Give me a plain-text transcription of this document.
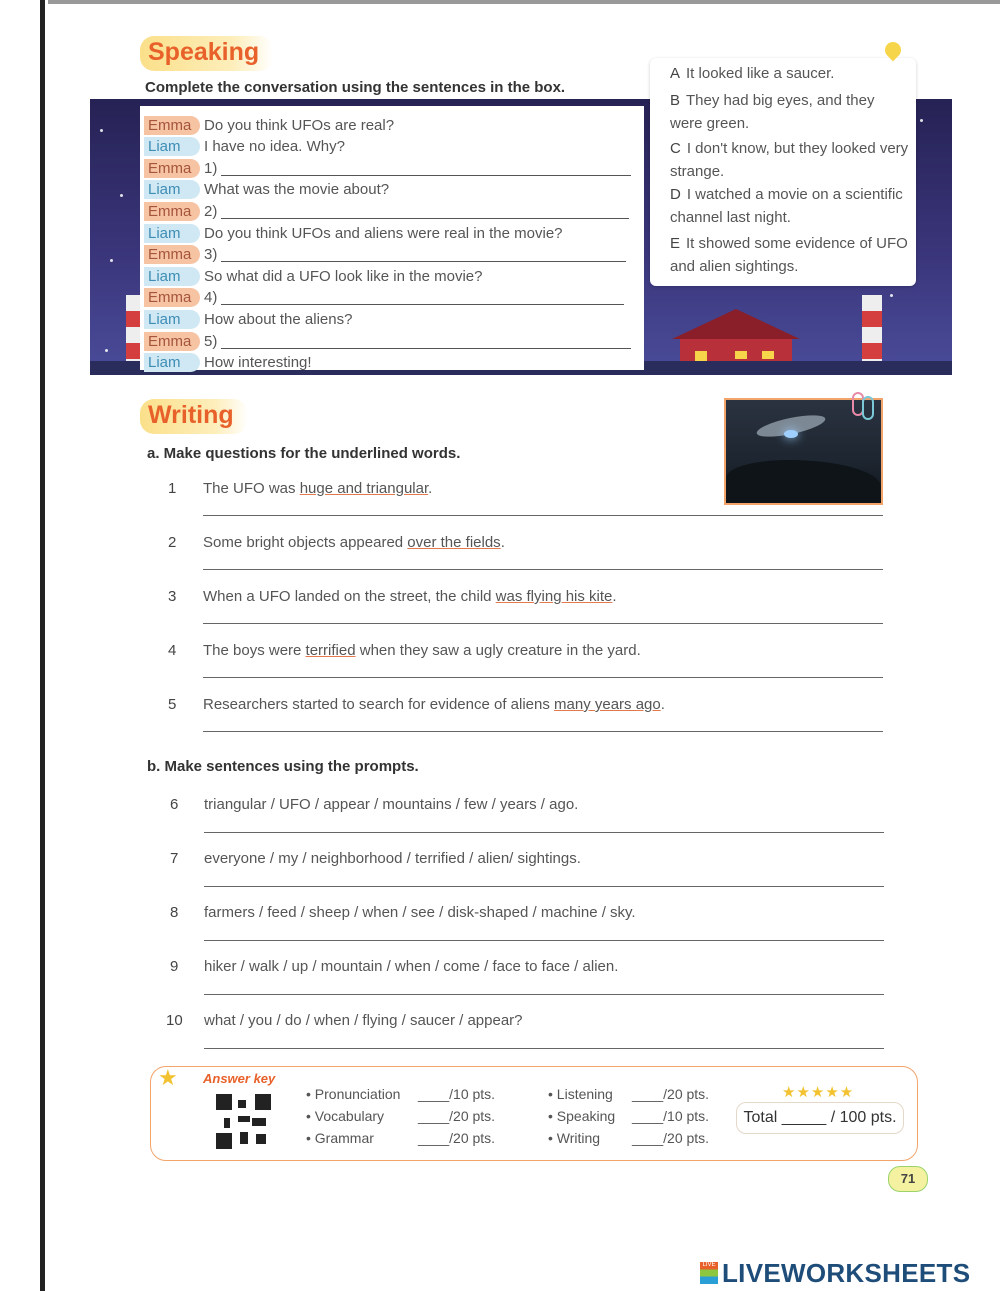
Speaking
Complete the conversation using the sentences in the box.
Emma Do you think UFOs are real?
Liam	I have no idea. Why?
Emma 1)
Liam	What was the movie about?
Emma 2)
Liam	Do you think UFOs and aliens were real in the movie?
Emma 3)
Liam	So what did a UFO look like in the movie?
Emma 4)
Liam	How about the aliens?
Emma 5)
Liam	How interesting!
A It looked like a saucer.
B They had big eyes, and they were green.
C I don't know, but they looked very strange.
D I watched a movie on a scientific channel last night.
E It showed some evidence of UFO and alien sightings.
Writing
a. Make questions for the underlined words.
1 The UFO was huge and triangular.
2 Some bright objects appeared over the fields.
3 When a UFO landed on the street, the child was flying his kite.
4 The boys were terrified when they saw a ugly creature in the yard.
5 Researchers started to search for evidence of aliens many years ago.
b. Make sentences using the prompts.
6 triangular / UFO / appear / mountains / few / years / ago.
7 everyone / my / neighborhood / terrified / alien/ sightings.
8 farmers / feed / sheep / when / see / disk-shaped / machine / sky.
9 hiker / walk / up / mountain / when / come / face to face / alien.
10 what / you / do / when / flying / saucer / appear?
★ Answer key
• Pronunciation ____/10 pts.
• Vocabulary ____/20 pts.
• Grammar	____/20 pts.
• Listening ____/20 pts.
• Speaking ____/10 pts.
• Writing ____/20 pts.
★★★★★
Total _____ / 100 pts.
71
LIVE LIVEWORKSHEETS
